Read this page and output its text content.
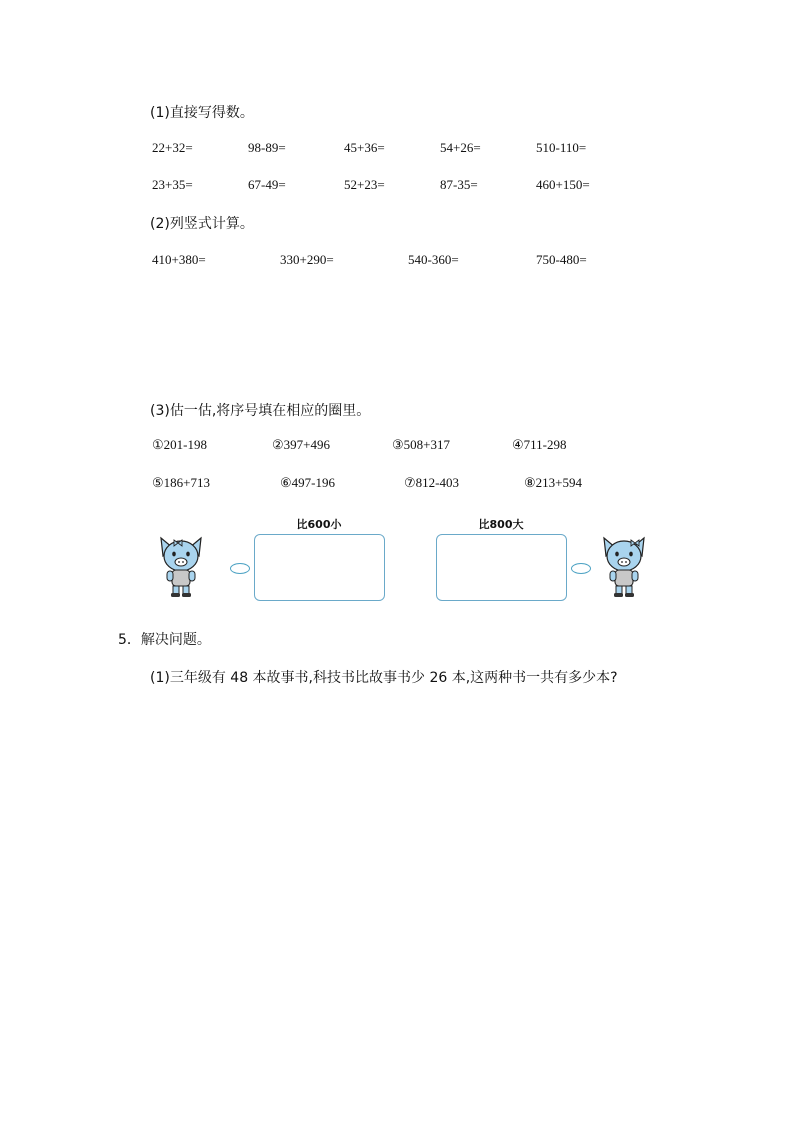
(1)直接写得数。
22+32=	98-89=	45+36=	54+26=	510-110=
23+35=	67-49=	52+23=	87-35=	460+150=
(2)列竖式计算。
410+380=	330+290=	540-360=	750-480=
(3)估一估,将序号填在相应的圈里。
①201-198	②397+496	③508+317	④711-298
⑤186+713	⑥497-196	⑦812-403	⑧213+594
比600小	比800大
5．解决问题。
(1)三年级有 48 本故事书,科技书比故事书少 26 本,这两种书一共有多少本?
